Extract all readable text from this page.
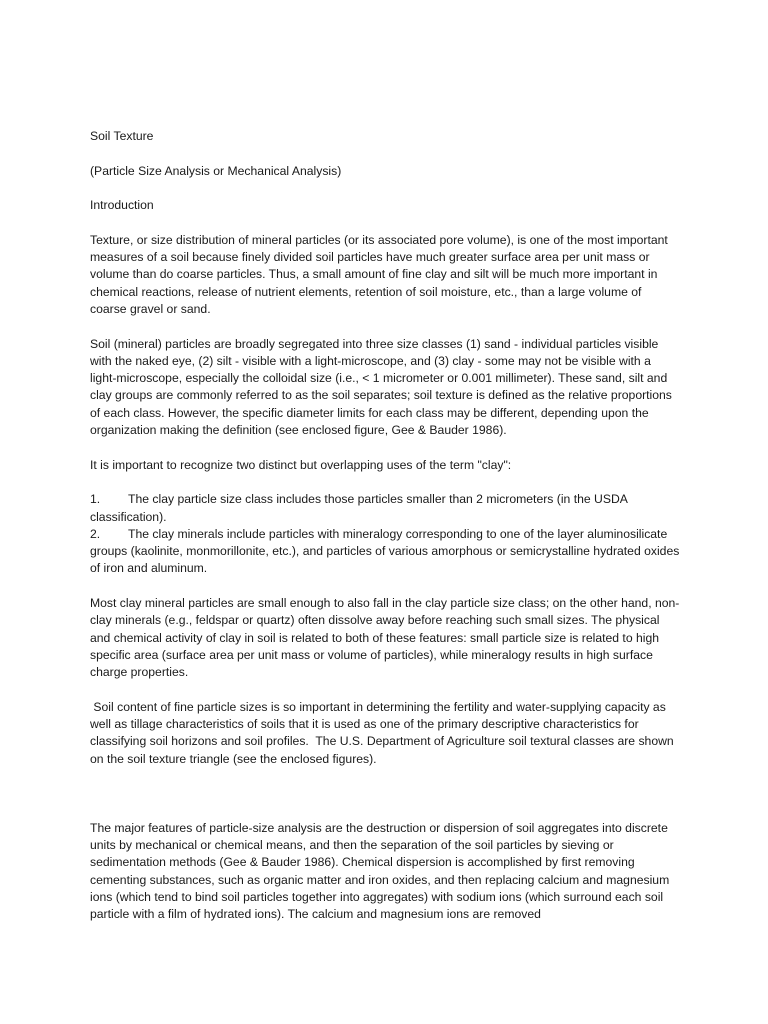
Soil Texture

(Particle Size Analysis or Mechanical Analysis)

Introduction

Texture, or size distribution of mineral particles (or its associated pore volume), is one of the most important measures of a soil because finely divided soil particles have much greater surface area per unit mass or volume than do coarse particles. Thus, a small amount of fine clay and silt will be much more important in chemical reactions, release of nutrient elements, retention of soil moisture, etc., than a large volume of coarse gravel or sand.

Soil (mineral) particles are broadly segregated into three size classes (1) sand - individual particles visible with the naked eye, (2) silt - visible with a light-microscope, and (3) clay - some may not be visible with a light-microscope, especially the colloidal size (i.e., < 1 micrometer or 0.001 millimeter). These sand, silt and clay groups are commonly referred to as the soil separates; soil texture is defined as the relative proportions of each class. However, the specific diameter limits for each class may be different, depending upon the organization making the definition (see enclosed figure, Gee & Bauder 1986).

It is important to recognize two distinct but overlapping uses of the term "clay":

1. The clay particle size class includes those particles smaller than 2 micrometers (in the USDA classification).
2. The clay minerals include particles with mineralogy corresponding to one of the layer aluminosilicate groups (kaolinite, monmorillonite, etc.), and particles of various amorphous or semicrystalline hydrated oxides of iron and aluminum.

Most clay mineral particles are small enough to also fall in the clay particle size class; on the other hand, non-clay minerals (e.g., feldspar or quartz) often dissolve away before reaching such small sizes. The physical and chemical activity of clay in soil is related to both of these features: small particle size is related to high specific area (surface area per unit mass or volume of particles), while mineralogy results in high surface charge properties.

Soil content of fine particle sizes is so important in determining the fertility and water-supplying capacity as well as tillage characteristics of soils that it is used as one of the primary descriptive characteristics for classifying soil horizons and soil profiles.  The U.S. Department of Agriculture soil textural classes are shown on the soil texture triangle (see the enclosed figures).

The major features of particle-size analysis are the destruction or dispersion of soil aggregates into discrete units by mechanical or chemical means, and then the separation of the soil particles by sieving or sedimentation methods (Gee & Bauder 1986). Chemical dispersion is accomplished by first removing cementing substances, such as organic matter and iron oxides, and then replacing calcium and magnesium ions (which tend to bind soil particles together into aggregates) with sodium ions (which surround each soil particle with a film of hydrated ions). The calcium and magnesium ions are removed
